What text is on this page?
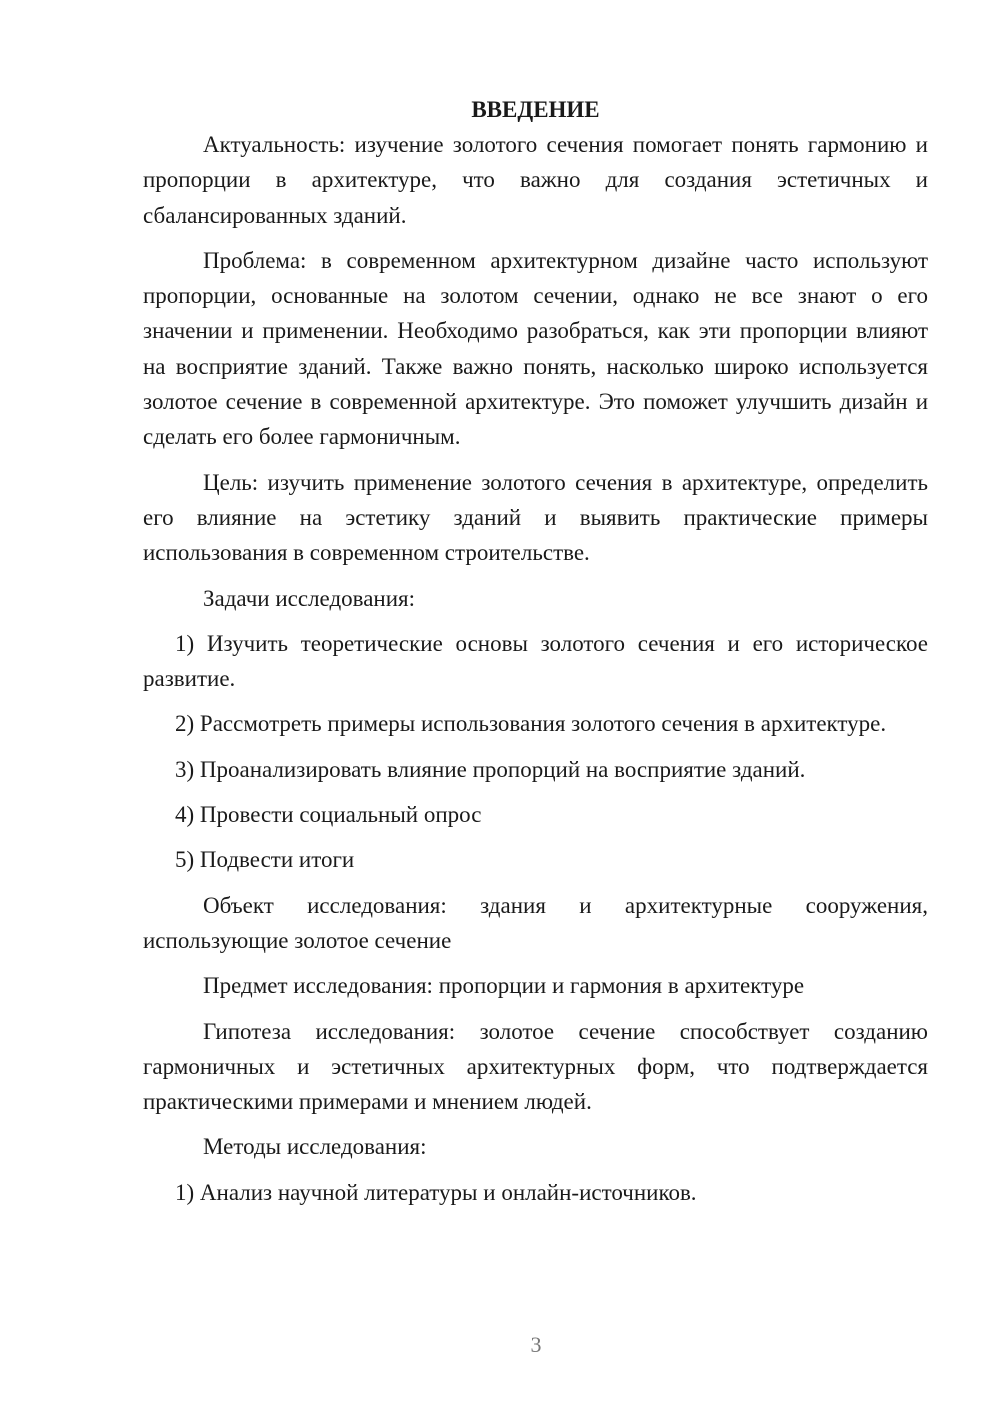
ВВЕДЕНИЕ

Актуальность: изучение золотого сечения помогает понять гармонию и пропорции в архитектуре, что важно для создания эстетичных и сбалансированных зданий.

Проблема: в современном архитектурном дизайне часто используют пропорции, основанные на золотом сечении, однако не все знают о его значении и применении. Необходимо разобраться, как эти пропорции влияют на восприятие зданий. Также важно понять, насколько широко используется золотое сечение в современной архитектуре. Это поможет улучшить дизайн и сделать его более гармоничным.

Цель: изучить применение золотого сечения в архитектуре, определить его влияние на эстетику зданий и выявить практические примеры использования в современном строительстве.

Задачи исследования:

1) Изучить теоретические основы золотого сечения и его историческое развитие.

2) Рассмотреть примеры использования золотого сечения в архитектуре.

3) Проанализировать влияние пропорций на восприятие зданий.

4) Провести социальный опрос

5) Подвести итоги

Объект исследования: здания и архитектурные сооружения, использующие золотое сечение

Предмет исследования: пропорции и гармония в архитектуре

Гипотеза исследования: золотое сечение способствует созданию гармоничных и эстетичных архитектурных форм, что подтверждается практическими примерами и мнением людей.

Методы исследования:

1) Анализ научной литературы и онлайн-источников.

3
